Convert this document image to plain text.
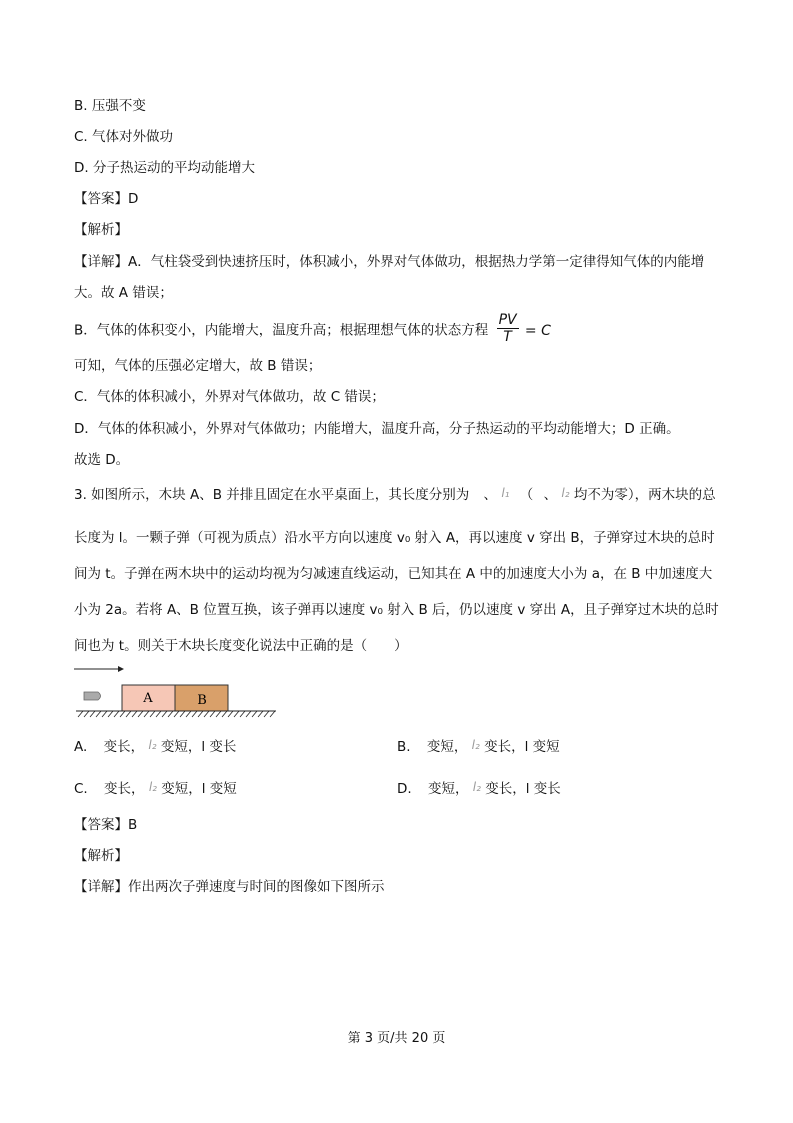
B. 压强不变
C. 气体对外做功
D. 分子热运动的平均动能增大
【答案】D
【解析】
【详解】A．气柱袋受到快速挤压时，体积减小，外界对气体做功，根据热力学第一定律得知气体的内能增
大。故 A 错误；
B．气体的体积变小，内能增大，温度升高；根据理想气体的状态方程 $\frac{PV}{T} = C$
可知，气体的压强必定增大，故 B 错误；
C．气体的体积减小，外界对气体做功，故 C 错误；
D．气体的体积减小，外界对气体做功；内能增大，温度升高，分子热运动的平均动能增大；D 正确。
故选 D。
3. 如图所示，木块 A、B 并排且固定在水平桌面上，其长度分别为 、 l₁ （ 、 l₂ 均不为零），两木块的总
长度为 l。一颗子弹（可视为质点）沿水平方向以速度 v₀ 射入 A，再以速度 v 穿出 B，子弹穿过木块的总时
间为 t。子弹在两木块中的运动均视为匀减速直线运动，已知其在 A 中的加速度大小为 a，在 B 中加速度大
小为 2a。若将 A、B 位置互换，该子弹再以速度 v₀ 射入 B 后，仍以速度 v 穿出 A，且子弹穿过木块的总时
间也为 t。则关于木块长度变化说法中正确的是（　　）
A	B
A. 变长， l₂ 变短，l 变长	B. 变短， l₂ 变长，l 变短
C. 变长， l₂ 变短，l 变短	D. 变短， l₂ 变长，l 变长
【答案】B
【解析】
【详解】作出两次子弹速度与时间的图像如下图所示
第 3 页/共 20 页
